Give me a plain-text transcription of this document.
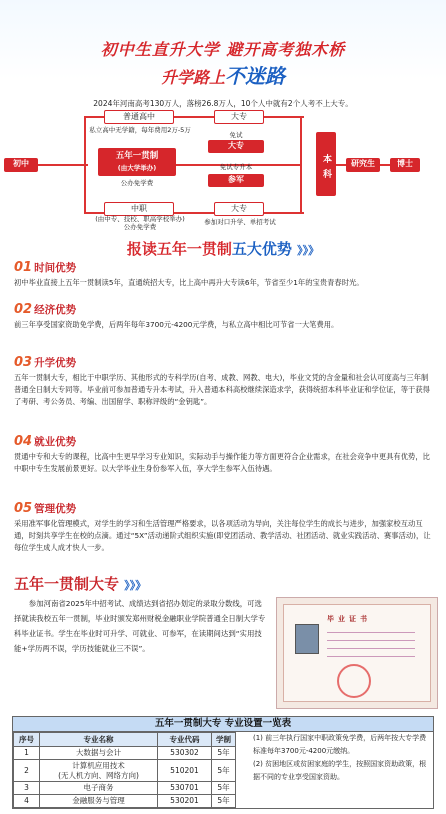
初中生直升大学 避开高考独木桥
升学路上不迷路
2024年河南高考130万人，落榜26.8万人，10个人中就有2个人考不上大专。
初中
普通高中
私立高中无学籍，每年费用2万-5万
大专
五年一贯制
(由大学举办)
公办免学费
免试
大专
免试专升本
参军
中职
(由中专、技校、职高学校举办)
公办免学费
大专
参加对口升学、单招考试
本科	研究生	博士
报读五年一贯制五大优势 》》》
01 时间优势
初中毕业直接上五年一贯制读5年，直通统招大专，比上高中再升大专读6年，节省至少1年的宝贵青春时光。
02 经济优势
前三年享受国家资助免学费，后两年每年3700元-4200元学费，与私立高中相比可节省一大笔费用。
03 升学优势
五年一贯制大专，相比于中职学历、其他形式的专科学历(自考、成教、网教、电大)，毕业文凭的含金量和社会认可度高与三年制普通全日制大专同等。毕业前可参加普通专升本考试，升入普通本科高校继续深造求学，获得统招本科毕业证和学位证，等于获得了考研、考公务员、考编、出国留学、职称评级的“金钥匙”。
04 就业优势
贯通中专和大专的课程，比高中生更早学习专业知识，实际动手与操作能力等方面更符合企业需求，在社会竞争中更具有优势，比中职中专生发展前景更好。以大学毕业生身份参军入伍，享大学生参军入伍待遇。
05 管理优势
采用准军事化管理模式，对学生的学习和生活管理严格要求，以各项活动为导向，关注每位学生的成长与进步，加强家校互动互通，时刻共享学生在校的点滴。通过“5X”活动递阶式组织实施(即党团活动、教学活动、社团活动、就业实践活动、赛事活动)，让每位学生成人成才快人一步。
五年一贯制大专 》》》
参加河南省2025年中招考试、成绩达到省招办划定的录取分数线，可选择就读我校五年一贯制，毕业时颁发郑州财税金融职业学院普通全日制大学专科毕业证书。学生在毕业时可升学、可就业、可参军，在读期间达到“实用技能+学历两不误，学历技能就业三不误”。
毕业证书
五年一贯制大专 专业设置一览表
序号	专业名称	专业代码	学制
1	大数据与会计	530302	5年
2	计算机应用技术
(无人机方向、网络方向)	510201	5年
3	电子商务	530701	5年
4	金融服务与管理	530201	5年
(1) 前三年执行国家中职政策免学费，后两年按大专学费标准每年3700元-4200元缴纳。
(2) 贫困地区或贫困家庭的学生，按照国家资助政策，根据不同的专业享受国家资助。
